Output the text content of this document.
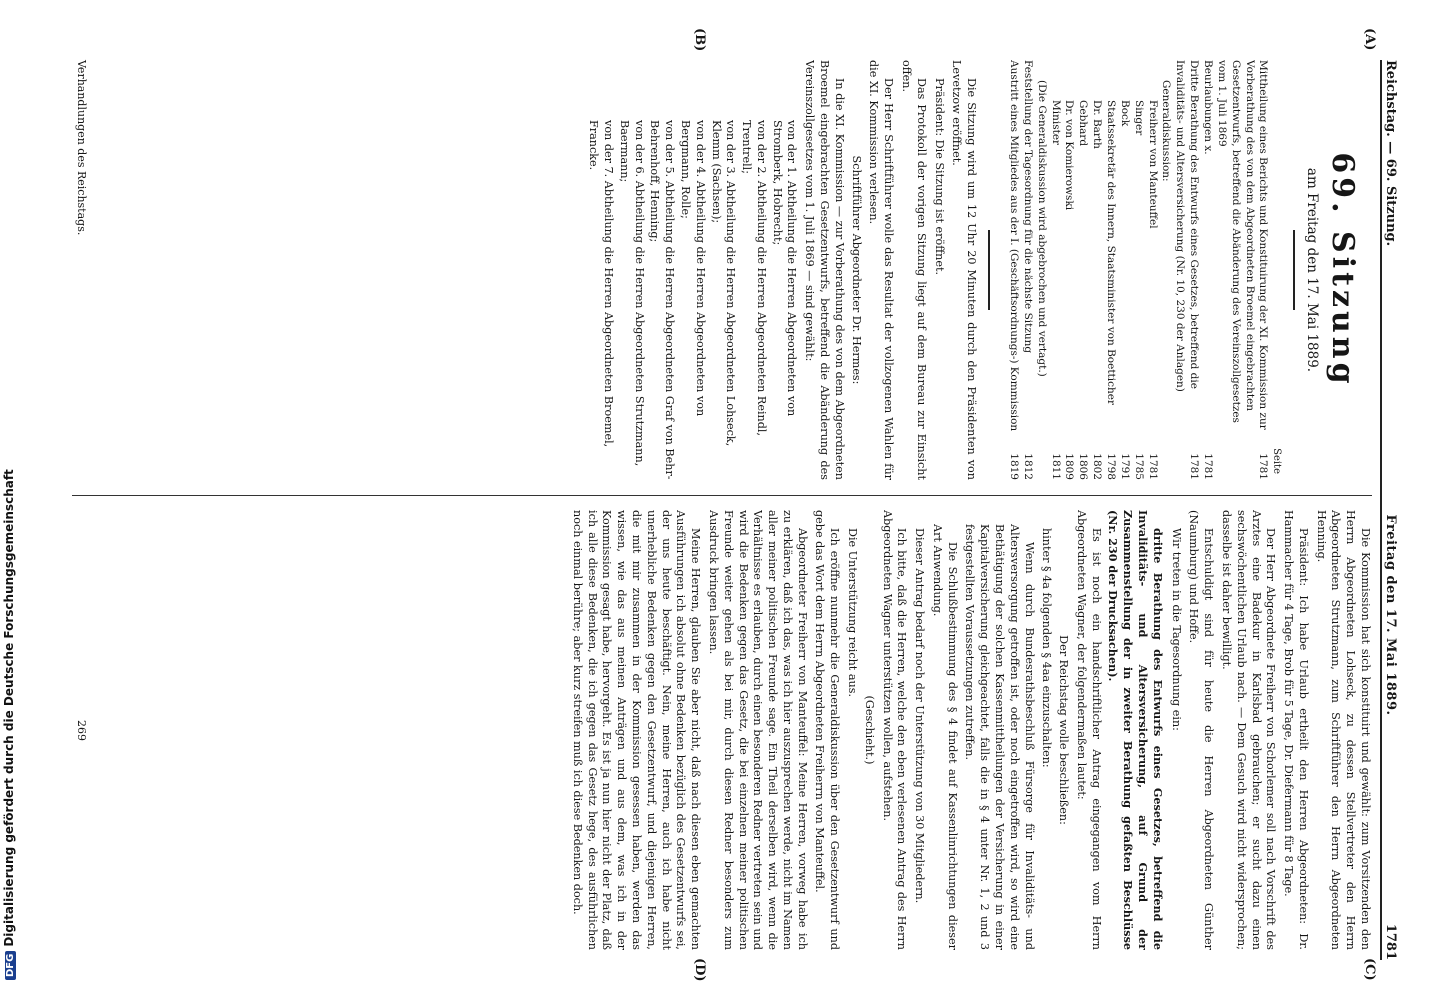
DFGDigitalisierung gefördert durch die Deutsche Forschungsgemeinschaft
Reichstag. — 69. Sitzung.
Freitag den 17. Mai 1889.
1781
(A)
(B)
(C)
(D)
69. Sitzung
am Freitag den 17. Mai 1889.
Seite
Mittheilung eines Berichts und Konstituirung der XI. Kommission zur Vorberathung des von dem Abgeordneten Broemel eingebrachten Gesetzentwurfs, betreffend die Abänderung des Vereinszollgesetzes vom 1. Juli 1869
1781
Beurlaubungen x.
1781
Dritte Berathung des Entwurfs eines Gesetzes, betreffend die Invaliditäts- und Altersversicherung (Nr. 10, 230 der Anlagen)
1781
Generaldiskussion:
Freiherr von Manteuffel
1781
Singer
1785
Bock
1791
Staatssekretär des Innern, Staatsminister von Boetticher
1798
Dr. Barth
1802
Gebhard
1806
Dr. von Komierowski
1809
Minister
1811
(Die Generaldiskussion wird abgebrochen und vertagt.)
Feststellung der Tagesordnung für die nächste Sitzung
1812
Austritt eines Mitgliedes aus der I. (Geschäftsordnungs-) Kommission
1819

Die Sitzung wird um 12 Uhr 20 Minuten durch den Präsidenten von Levetzow eröffnet.

Präsident: Die Sitzung ist eröffnet.

Das Protokoll der vorigen Sitzung liegt auf dem Bureau zur Einsicht offen.

Der Herr Schriftführer wolle das Resultat der vollzogenen Wahlen für die XI. Kommission verlesen.

Schriftführer Abgeordneter Dr. Hermes:

In die XI. Kommission — zur Vorberathung des von dem Abgeordneten Broemel eingebrachten Gesetzentwurfs, betreffend die Abänderung des Vereinszollgesetzes vom 1. Juli 1869 — sind gewählt:

von der 1. Abtheilung die Herren Abgeordneten von Stromberk, Hobrecht;

von der 2. Abtheilung die Herren Abgeordneten Reindl, Trentrell;

von der 3. Abtheilung die Herren Abgeordneten Lohseck, Klemm (Sachsen);

von der 4. Abtheilung die Herren Abgeordneten von Bergmann, Rolle;

von der 5. Abtheilung die Herren Abgeordneten Graf von Behr-Behrenhoff, Henning;

von der 6. Abtheilung die Herren Abgeordneten Strutzmann, Baermann;

von der 7. Abtheilung die Herren Abgeordneten Broemel, Francke.

Verhandlungen des Reichstags.

Die Kommission hat sich konstituirt und gewählt: zum Vorsitzenden den Herrn Abgeordneten Lohseck, zu dessen Stellvertreter den Herrn Abgeordneten Strutzmann, zum Schriftführer den Herrn Abgeordneten Henning.

Präsident: Ich habe Urlaub ertheilt den Herren Abgeordneten: Dr. Hammacher für 4 Tage, Brob für 5 Tage, Dr. Diefermann für 8 Tage.

Der Herr Abgeordnete Freiherr von Schorlemer soll nach Vorschrift des Arztes eine Badekur in Karlsbad gebrauchen; er sucht dazu einen sechswöchentlichen Urlaub nach. — Dem Gesuch wird nicht widersprochen; dasselbe ist daher bewilligt.

Entschuldigt sind für heute die Herren Abgeordneten Günther (Naumburg) und Hoffe.

Wir treten in die Tagesordnung ein:

dritte Berathung des Entwurfs eines Gesetzes, betreffend die Invaliditäts- und Altersversicherung, auf Grund der Zusammenstellung der in zweiter Berathung gefaßten Beschlüsse (Nr. 230 der Drucksachen).

Es ist noch ein handschriftlicher Antrag eingegangen vom Herrn Abgeordneten Wagner, der folgendermaßen lautet:

Der Reichstag wolle beschließen:

hinter § 4a folgenden § 4aa einzuschalten:

Wenn durch Bundesrathsbeschluß Fürsorge für Invaliditäts- und Altersversorgung getroffen ist, oder noch eingetroffen wird, so wird eine Bethätigung der solchen Kassenmittheilungen der Versicherung in einer Kapitalversicherung gleichgeachtet, falls die in § 4 unter Nr. 1, 2 und 3 festgestellten Voraussetzungen zutreffen.

Die Schlußbestimmung des § 4 findet auf Kassenlinrichtungen dieser Art Anwendung.

Dieser Antrag bedarf noch der Unterstützung von 30 Mitgliedern.

Ich bitte, daß die Herren, welche den eben verlesenen Antrag des Herrn Abgeordneten Wagner unterstützen wollen, aufstehen.

(Geschieht.)

Die Unterstützung reicht aus.

Ich eröffne nunmehr die Generaldiskussion über den Gesetzentwurf und gebe das Wort dem Herrn Abgeordneten Freiherrn von Manteuffel.

Abgeordneter Freiherr von Manteuffel: Meine Herren, vorweg habe ich zu erklären, daß ich das, was ich hier auszusprechen werde, nicht im Namen aller meiner politischen Freunde sage. Ein Theil derselben wird, wenn die Verhältnisse es erlauben, durch einen besonderen Redner vertreten sein und wird die Bedenken gegen das Gesetz, die bei einzelnen meiner politischen Freunde weiter gehen als bei mir, durch diesen Redner besonders zum Ausdruck bringen lassen.

Meine Herren, glauben Sie aber nicht, daß nach diesen eben gemachten Ausführungen ich absolut ohne Bedenken bezüglich des Gesetzentwurfs sei, der uns heute beschäftigt. Nein, meine Herren, auch ich habe nicht unerhebliche Bedenken gegen den Gesetzentwurf, und diejenigen Herren, die mit mir zusammen in der Kommission gesessen haben, werden das wissen, wie das aus meinen Anträgen und aus dem, was ich in der Kommission gesagt habe, hervorgeht. Es ist ja nun hier nicht der Platz, daß ich alle diese Bedenken, die ich gegen das Gesetz hege, des ausführlichen noch einmal berühre; aber kurz streifen muß ich diese Bedenken doch.

269
